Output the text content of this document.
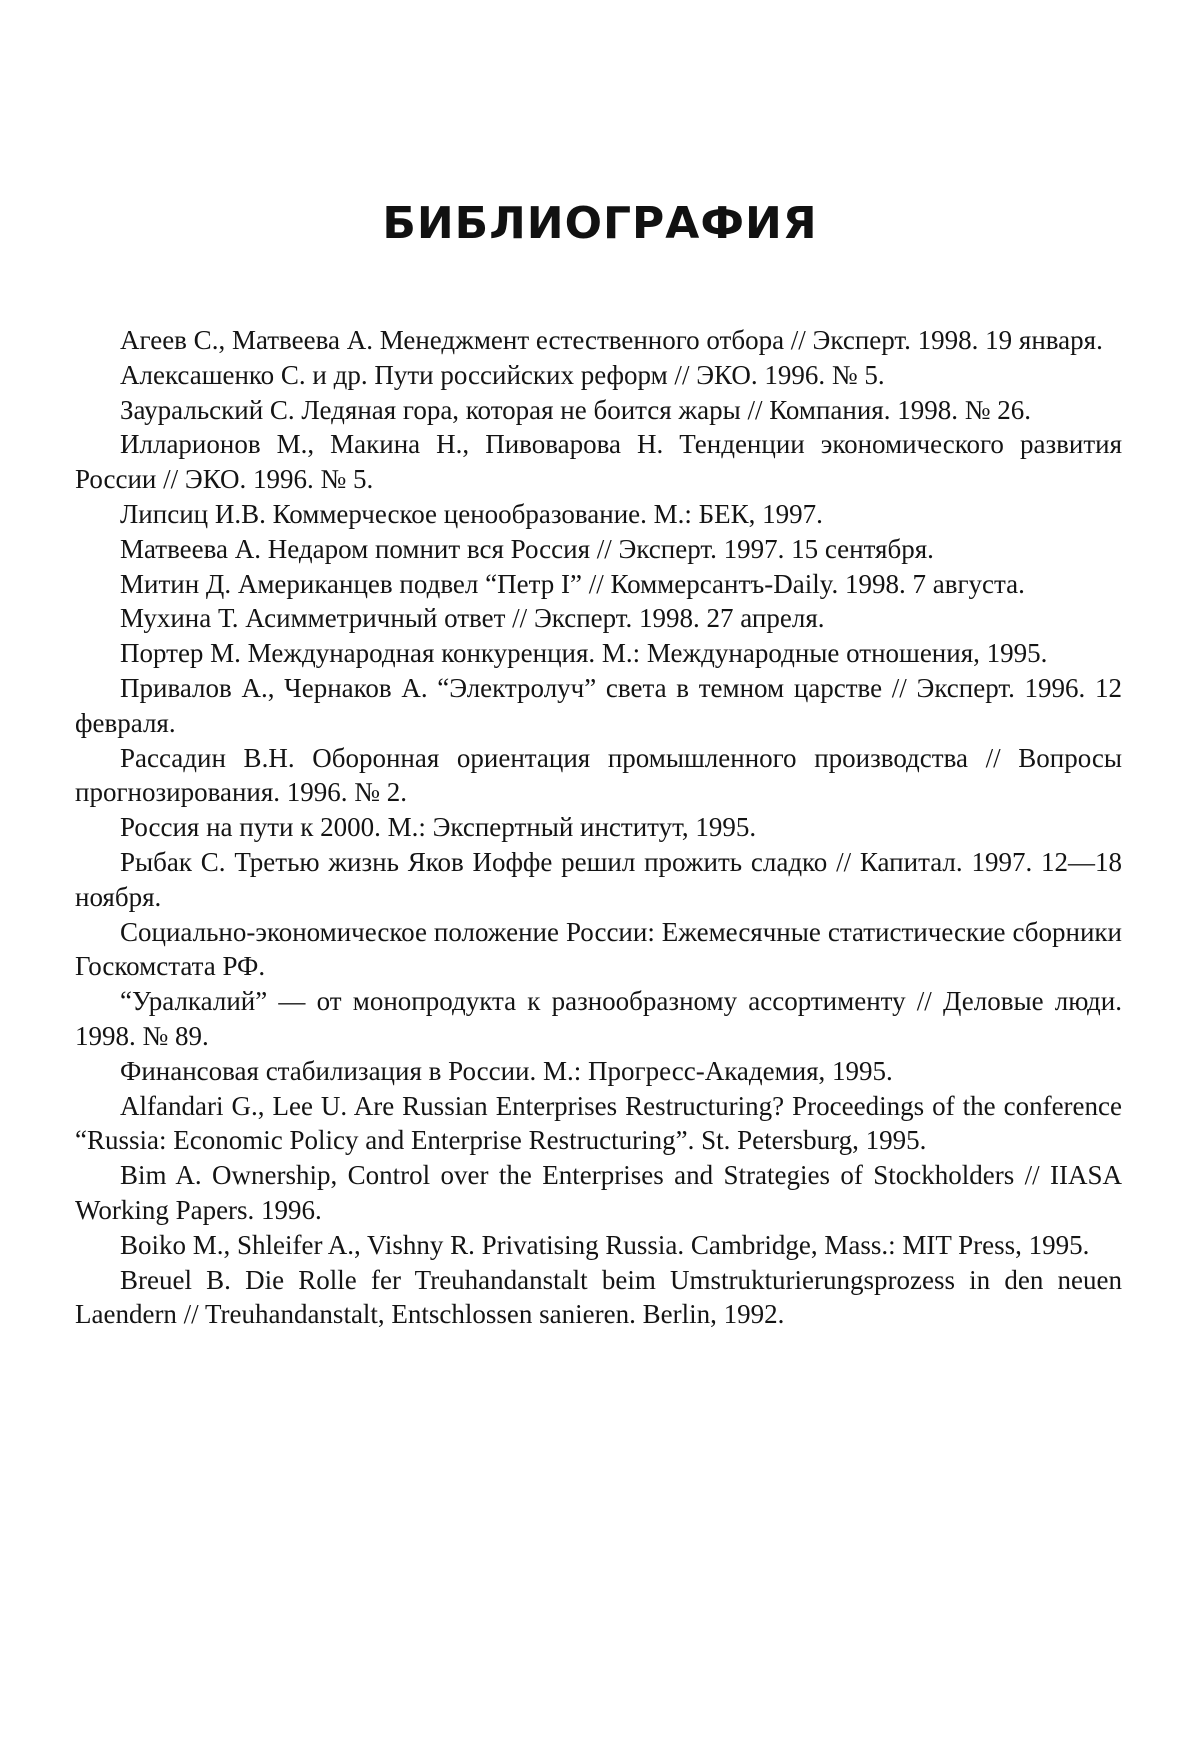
БИБЛИОГРАФИЯ
Агеев С., Матвеева А. Менеджмент естественного отбора // Эксперт. 1998. 19 января.
Алексашенко С. и др. Пути российских реформ // ЭКО. 1996. № 5.
Зауральский С. Ледяная гора, которая не боится жары // Компания. 1998. № 26.
Илларионов М., Макина Н., Пивоварова Н. Тенденции экономического развития России // ЭКО. 1996. № 5.
Липсиц И.В. Коммерческое ценообразование. М.: БЕК, 1997.
Матвеева А. Недаром помнит вся Россия // Эксперт. 1997. 15 сентября.
Митин Д. Американцев подвел “Петр I” // Коммерсантъ-Daily. 1998. 7 августа.
Мухина Т. Асимметричный ответ // Эксперт. 1998. 27 апреля.
Портер М. Международная конкуренция. М.: Международные отношения, 1995.
Привалов А., Чернаков А. “Электролуч” света в темном царстве // Эксперт. 1996. 12 февраля.
Рассадин В.Н. Оборонная ориентация промышленного производства // Вопросы прогнозирования. 1996. № 2.
Россия на пути к 2000. М.: Экспертный институт, 1995.
Рыбак С. Третью жизнь Яков Иоффе решил прожить сладко // Капитал. 1997. 12—18 ноября.
Социально-экономическое положение России: Ежемесячные статистические сборники Госкомстата РФ.
“Уралкалий” — от монопродукта к разнообразному ассортименту // Деловые люди. 1998. № 89.
Финансовая стабилизация в России. М.: Прогресс-Академия, 1995.
Alfandari G., Lee U. Are Russian Enterprises Restructuring? Proceedings of the conference “Russia: Economic Policy and Enterprise Restructuring”. St. Petersburg, 1995.
Bim A. Ownership, Control over the Enterprises and Strategies of Stockholders // IIASA Working Papers. 1996.
Boiko M., Shleifer A., Vishny R. Privatising Russia. Cambridge, Mass.: MIT Press, 1995.
Breuel B. Die Rolle fer Treuhandanstalt beim Umstrukturierungsprozess in den neuen Laendern // Treuhandanstalt, Entschlossen sanieren. Berlin, 1992.
